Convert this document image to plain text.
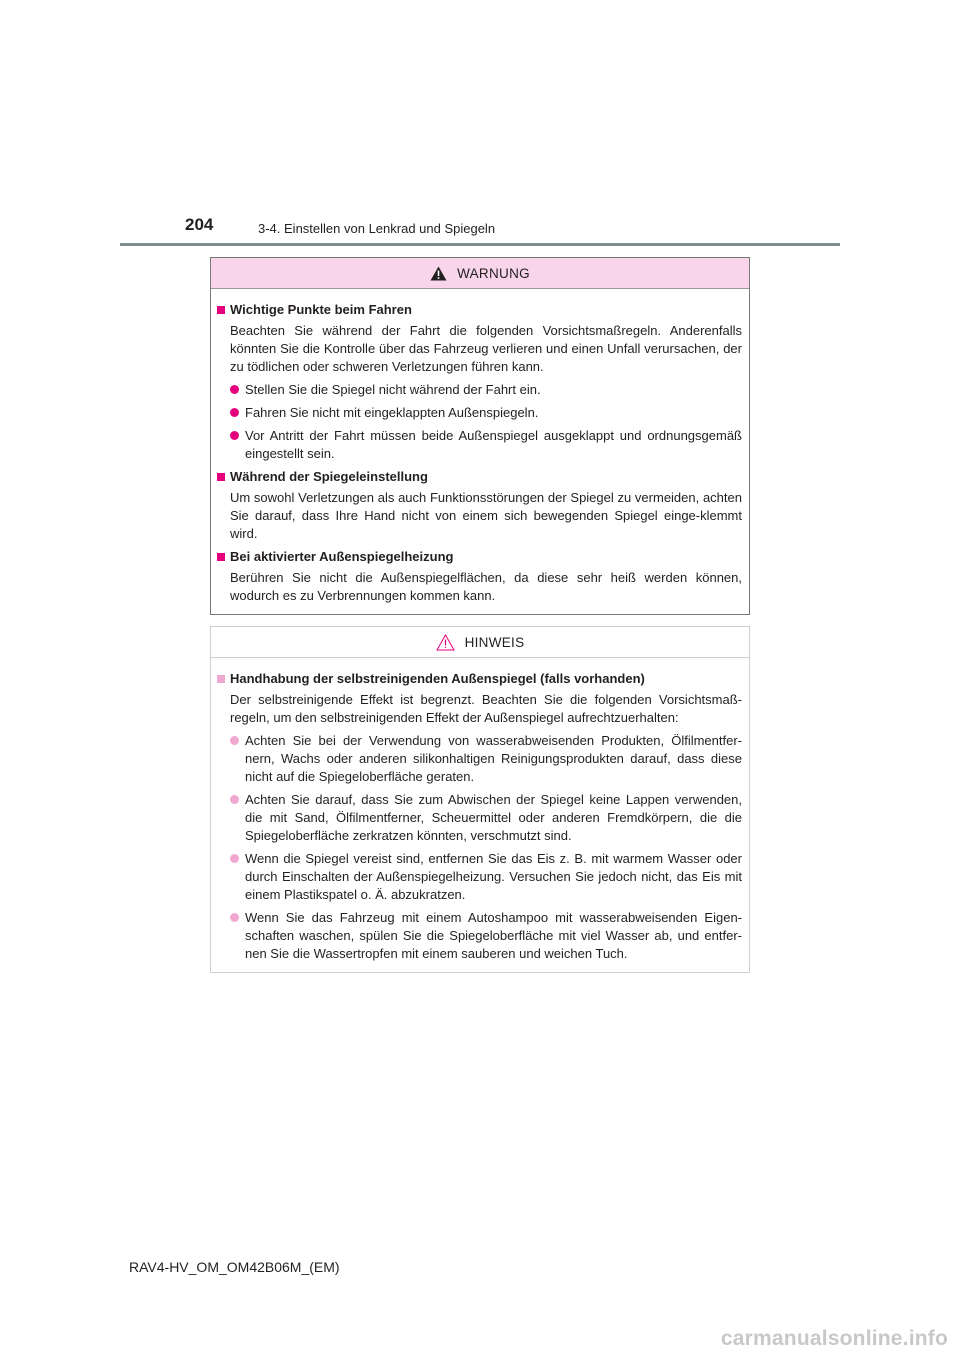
204	3-4. Einstellen von Lenkrad und Spiegeln
WARNUNG
Wichtige Punkte beim Fahren

Beachten Sie während der Fahrt die folgenden Vorsichtsmaßregeln. Anderenfalls könnten Sie die Kontrolle über das Fahrzeug verlieren und einen Unfall verursachen, der zu tödlichen oder schweren Verletzungen führen kann.

Stellen Sie die Spiegel nicht während der Fahrt ein.
Fahren Sie nicht mit eingeklappten Außenspiegeln.
Vor Antritt der Fahrt müssen beide Außenspiegel ausgeklappt und ordnungsgemäß eingestellt sein.
Während der Spiegeleinstellung

Um sowohl Verletzungen als auch Funktionsstörungen der Spiegel zu vermeiden, achten Sie darauf, dass Ihre Hand nicht von einem sich bewegenden Spiegel einge-klemmt wird.

Bei aktivierter Außenspiegelheizung

Berühren Sie nicht die Außenspiegelflächen, da diese sehr heiß werden können, wodurch es zu Verbrennungen kommen kann.

HINWEIS
Handhabung der selbstreinigenden Außenspiegel (falls vorhanden)

Der selbstreinigende Effekt ist begrenzt. Beachten Sie die folgenden Vorsichtsmaß-regeln, um den selbstreinigenden Effekt der Außenspiegel aufrechtzuerhalten:

Achten Sie bei der Verwendung von wasserabweisenden Produkten, Ölfilmentfer-nern, Wachs oder anderen silikonhaltigen Reinigungsprodukten darauf, dass diese nicht auf die Spiegeloberfläche geraten.
Achten Sie darauf, dass Sie zum Abwischen der Spiegel keine Lappen verwenden, die mit Sand, Ölfilmentferner, Scheuermittel oder anderen Fremdkörpern, die die Spiegeloberfläche zerkratzen könnten, verschmutzt sind.
Wenn die Spiegel vereist sind, entfernen Sie das Eis z. B. mit warmem Wasser oder durch Einschalten der Außenspiegelheizung. Versuchen Sie jedoch nicht, das Eis mit einem Plastikspatel o. Ä. abzukratzen.
Wenn Sie das Fahrzeug mit einem Autoshampoo mit wasserabweisenden Eigen-schaften waschen, spülen Sie die Spiegeloberfläche mit viel Wasser ab, und entfer-nen Sie die Wassertropfen mit einem sauberen und weichen Tuch.
RAV4-HV_OM_OM42B06M_(EM)
carmanualsonline.info
